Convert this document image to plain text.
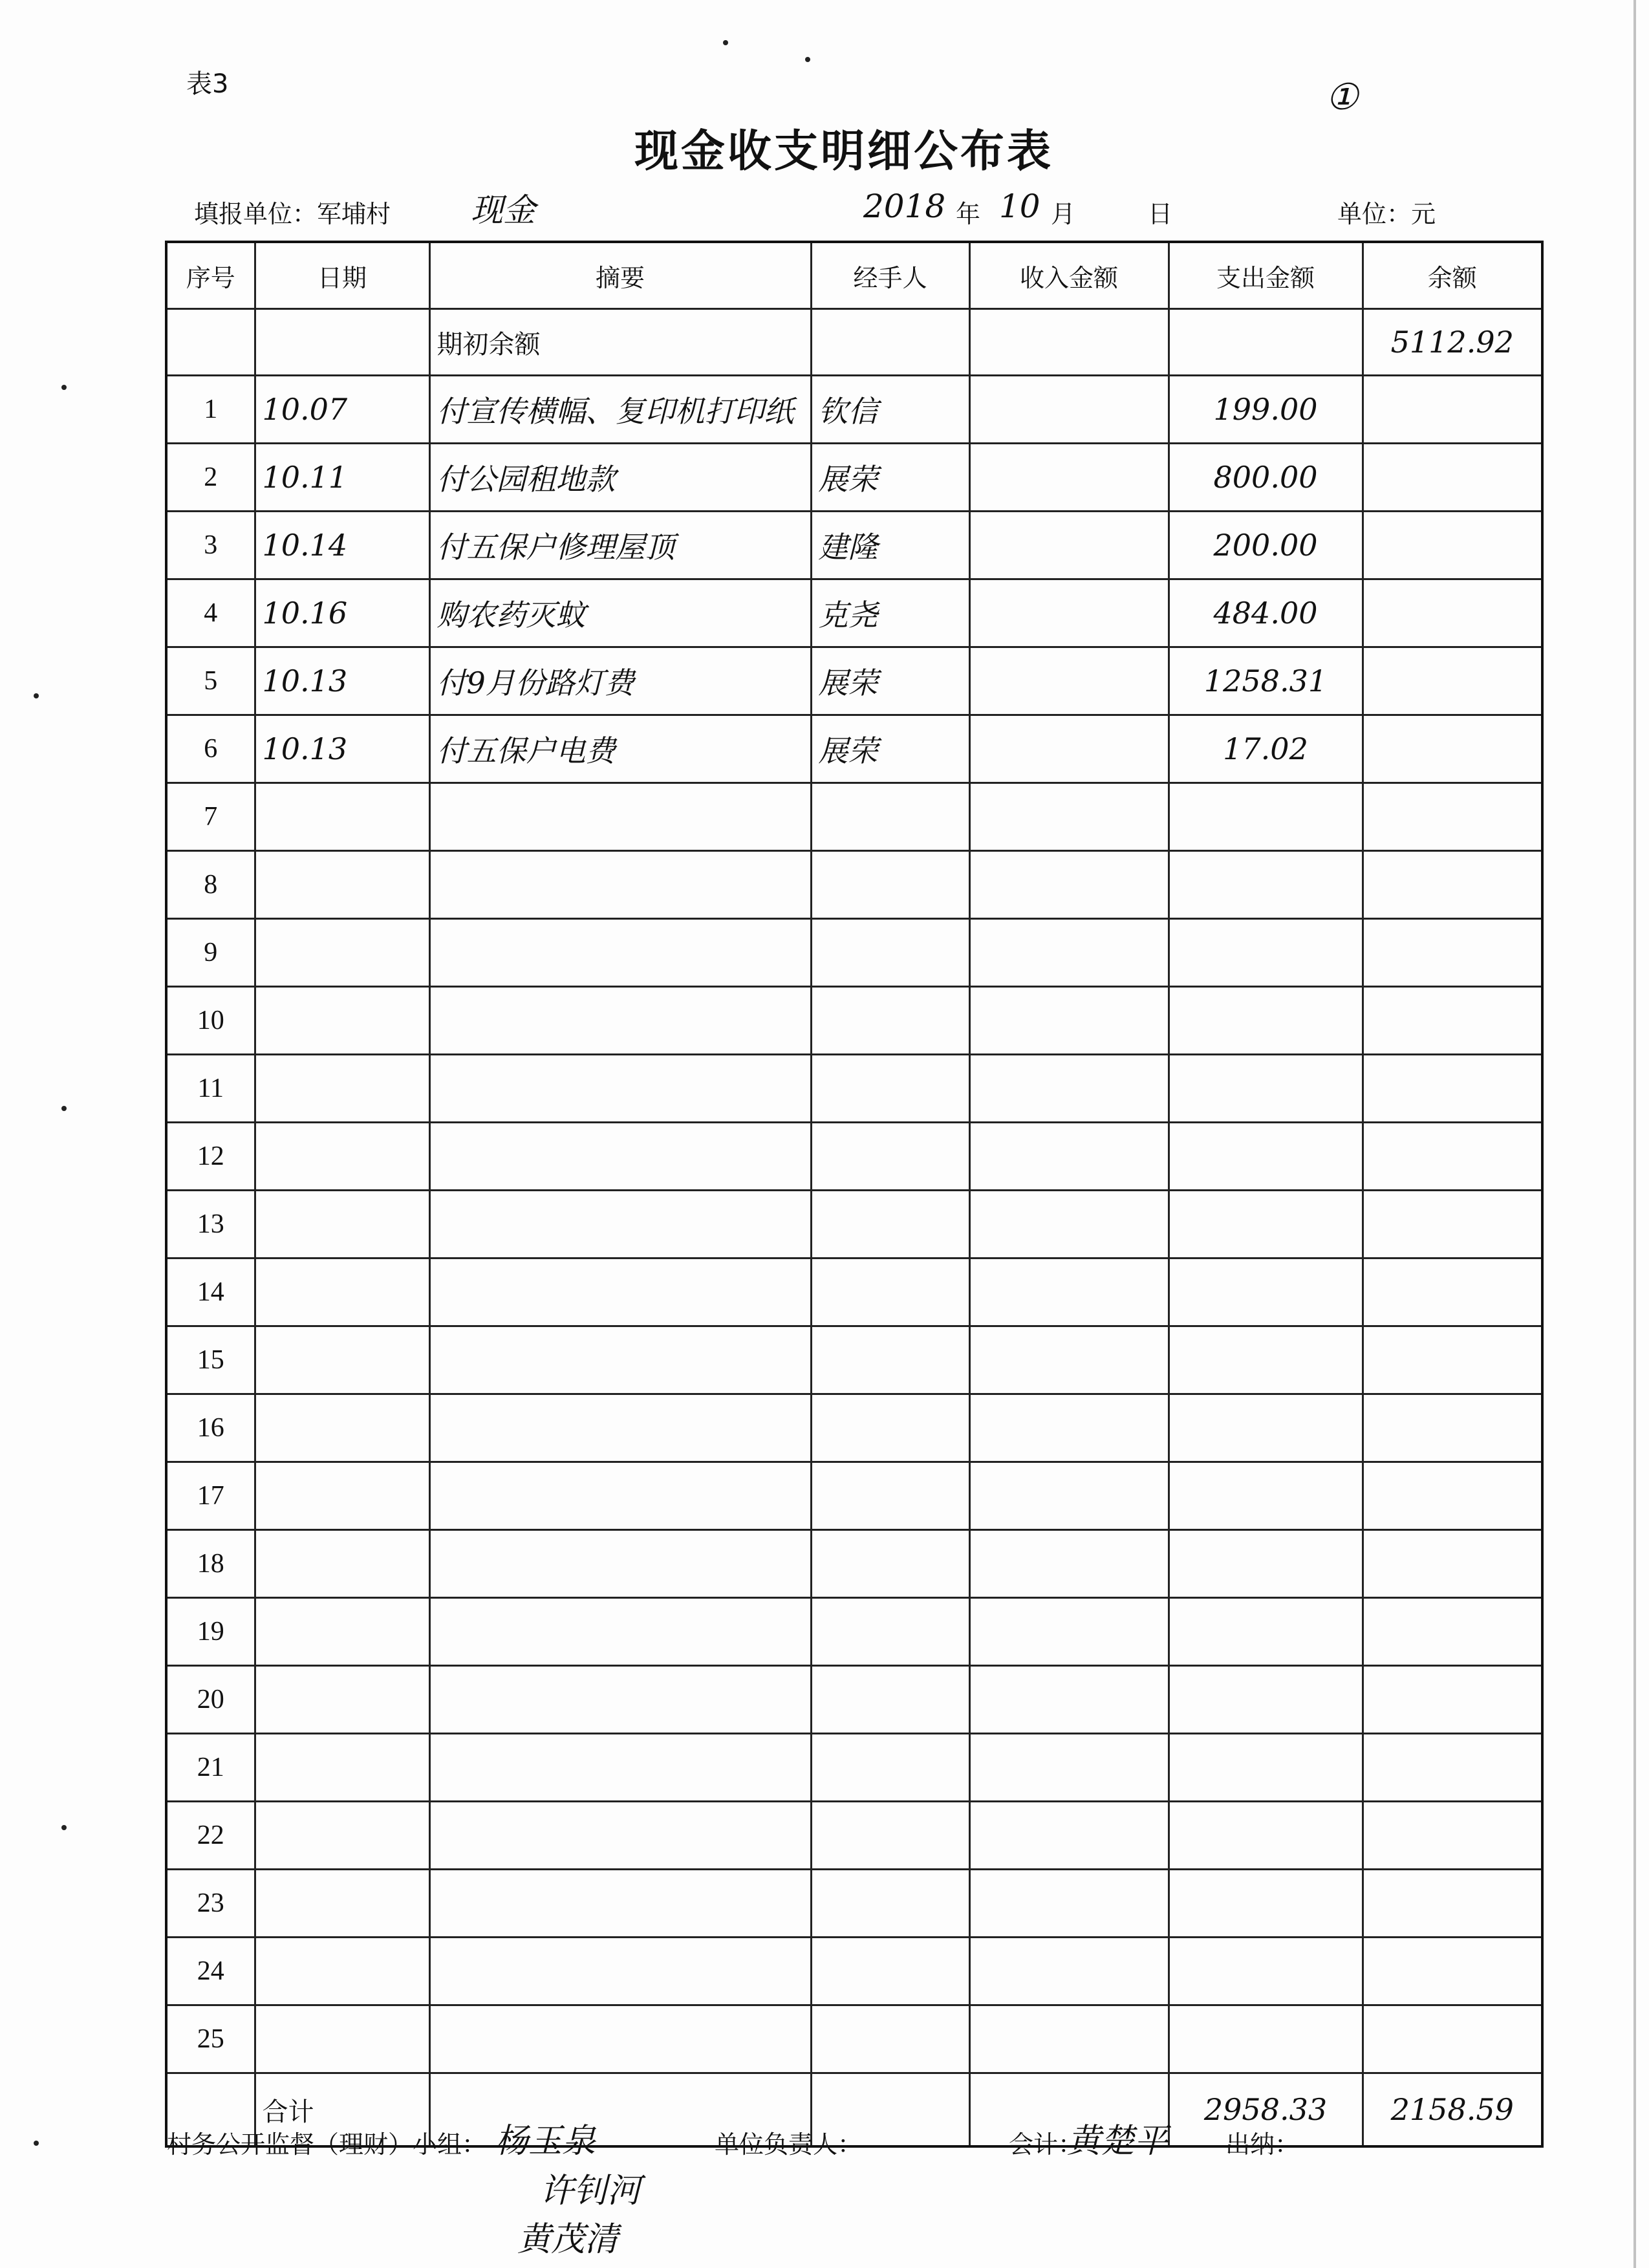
表3	①
现金收支明细公布表
填报单位：军埔村 现金	2018 年 10 月	日	单位：元
序号	日期	摘要	经手人	收入金额	支出金额	余额
		期初余额				5112.92
1	10.07	付宣传横幅、复印机打印纸	钦信		199.00	
2	10.11	付公园租地款	展荣		800.00	
3	10.14	付五保户修理屋顶	建隆		200.00	
4	10.16	购农药灭蚊	克尧		484.00	
5	10.13	付9月份路灯费	展荣		1258.31	
6	10.13	付五保户电费	展荣		17.02	
7						
8						
9						
10						
11						
12						
13						
14						
15						
16						
17						
18						
19						
20						
21						
22						
23						
24						
25						
	合计				2958.33	2158.59
村务公开监督（理财）小组： 杨玉泉
许钊河
黄茂清
单位负责人：	会计：
黄楚平 出纳：
